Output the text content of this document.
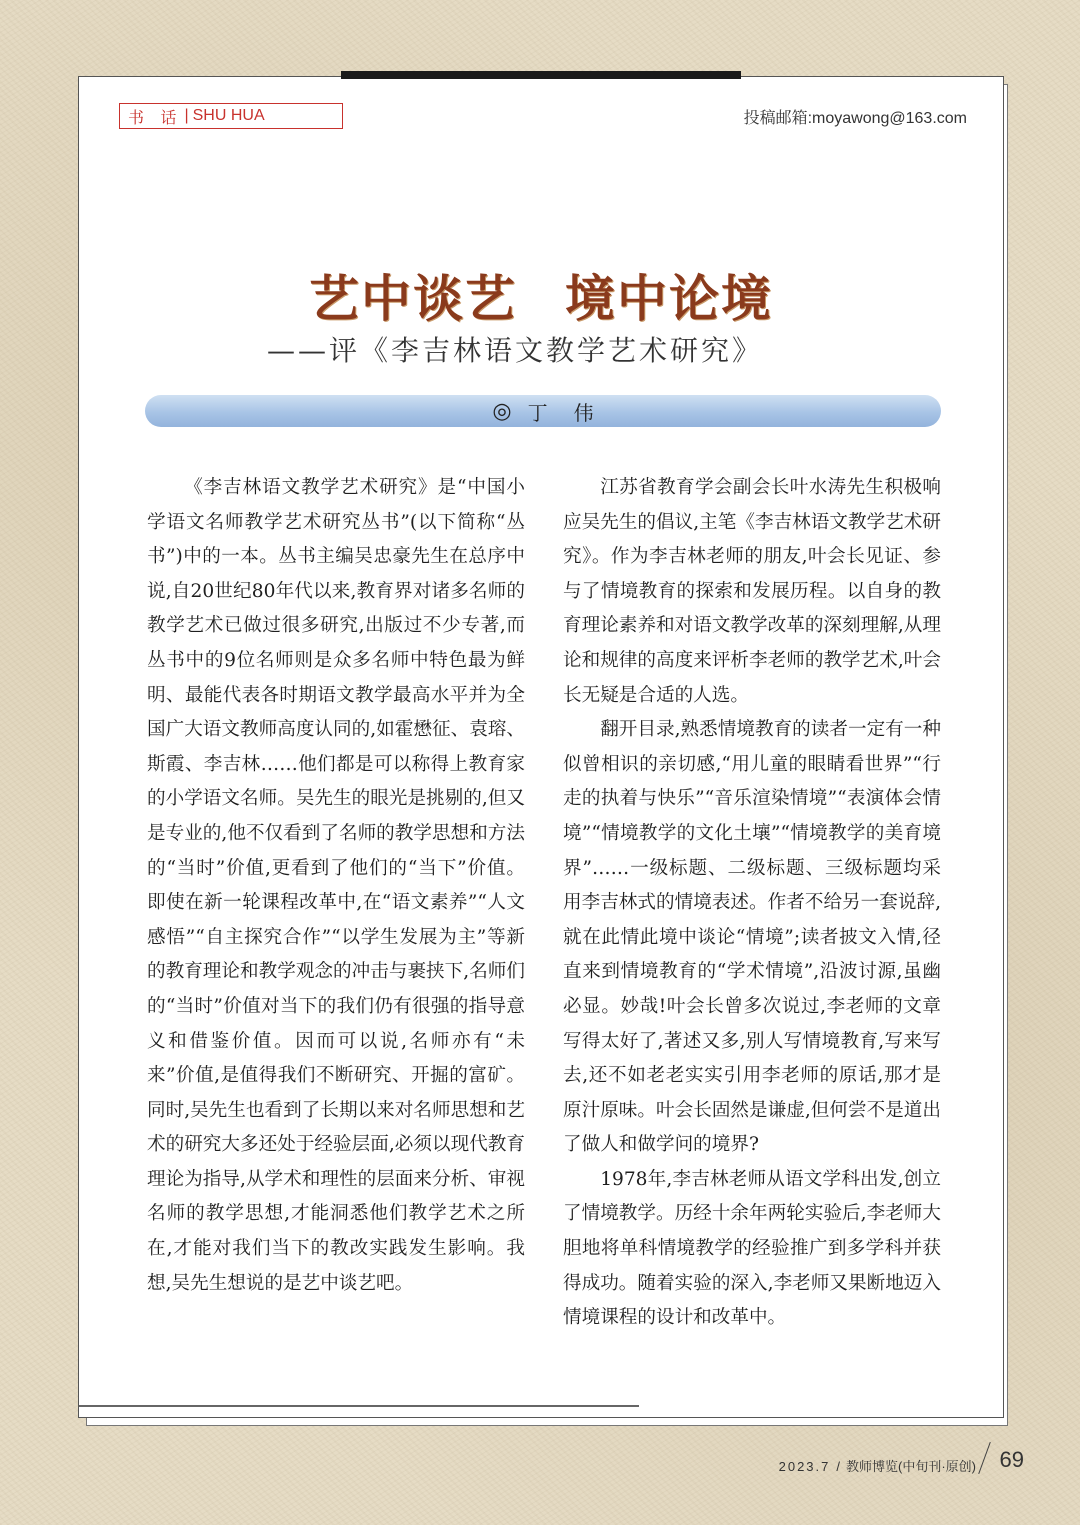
书 话 | SHU HUA	投稿邮箱:moyawong@163.com
艺中谈艺 境中论境
——评《李吉林语文教学艺术研究》
◎ 丁伟

《李吉林语文教学艺术研究》是“中国小学语文名师教学艺术研究丛书”(以下简称“丛书”)中的一本。丛书主编吴忠豪先生在总序中说,自20世纪80年代以来,教育界对诸多名师的教学艺术已做过很多研究,出版过不少专著,而丛书中的9位名师则是众多名师中特色最为鲜明、最能代表各时期语文教学最高水平并为全国广大语文教师高度认同的,如霍懋征、袁瑢、斯霞、李吉林……他们都是可以称得上教育家的小学语文名师。吴先生的眼光是挑剔的,但又是专业的,他不仅看到了名师的教学思想和方法的“当时”价值,更看到了他们的“当下”价值。即使在新一轮课程改革中,在“语文素养”“人文感悟”“自主探究合作”“以学生发展为主”等新的教育理论和教学观念的冲击与裹挟下,名师们的“当时”价值对当下的我们仍有很强的指导意义和借鉴价值。因而可以说,名师亦有“未来”价值,是值得我们不断研究、开掘的富矿。同时,吴先生也看到了长期以来对名师思想和艺术的研究大多还处于经验层面,必须以现代教育理论为指导,从学术和理性的层面来分析、审视名师的教学思想,才能洞悉他们教学艺术之所在,才能对我们当下的教改实践发生影响。我想,吴先生想说的是艺中谈艺吧。

江苏省教育学会副会长叶水涛先生积极响应吴先生的倡议,主笔《李吉林语文教学艺术研究》。作为李吉林老师的朋友,叶会长见证、参与了情境教育的探索和发展历程。以自身的教育理论素养和对语文教学改革的深刻理解,从理论和规律的高度来评析李老师的教学艺术,叶会长无疑是合适的人选。

翻开目录,熟悉情境教育的读者一定有一种似曾相识的亲切感,“用儿童的眼睛看世界”“行走的执着与快乐”“音乐渲染情境”“表演体会情境”“情境教学的文化土壤”“情境教学的美育境界”……一级标题、二级标题、三级标题均采用李吉林式的情境表述。作者不给另一套说辞,就在此情此境中谈论“情境”;读者披文入情,径直来到情境教育的“学术情境”,沿波讨源,虽幽必显。妙哉!叶会长曾多次说过,李老师的文章写得太好了,著述又多,别人写情境教育,写来写去,还不如老老实实引用李老师的原话,那才是原汁原味。叶会长固然是谦虚,但何尝不是道出了做人和做学问的境界?

1978年,李吉林老师从语文学科出发,创立了情境教学。历经十余年两轮实验后,李老师大胆地将单科情境教学的经验推广到多学科并获得成功。随着实验的深入,李老师又果断地迈入情境课程的设计和改革中。

2023.7 / 教师博览(中旬刊·原创) 69
